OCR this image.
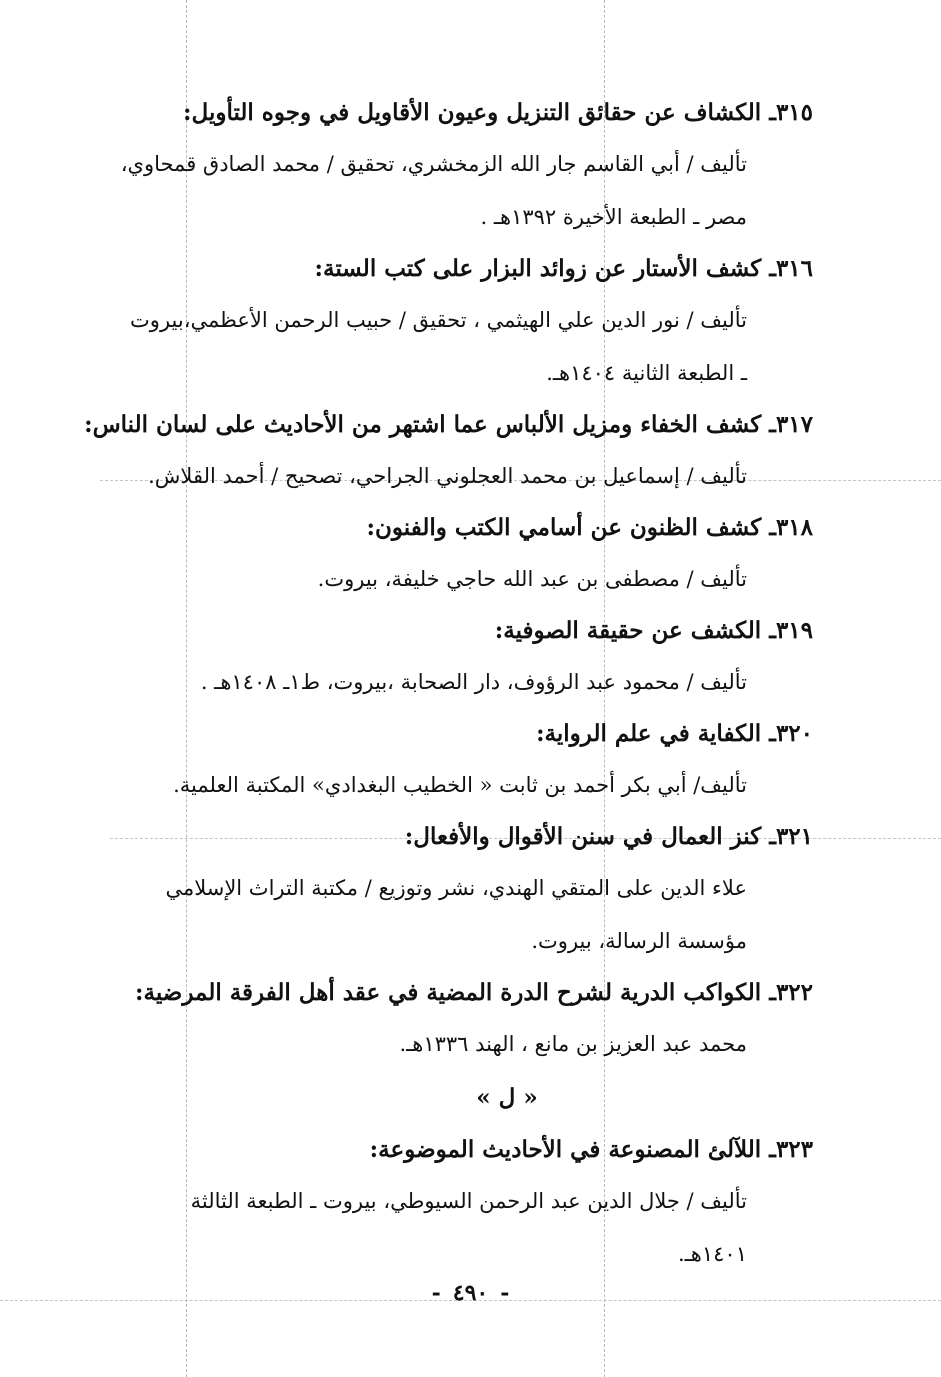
٣١٥ـ الكشاف عن حقائق التنزيل وعيون الأقاويل في وجوه التأويل:
تأليف / أبي القاسم جار الله الزمخشري، تحقيق / محمد الصادق قمحاوي،
مصر ـ الطبعة الأخيرة ١٣٩٢هـ .
٣١٦ـ كشف الأستار عن زوائد البزار على كتب الستة:
تأليف / نور الدين علي الهيثمي ، تحقيق / حبيب الرحمن الأعظمي،بيروت
ـ الطبعة الثانية ١٤٠٤هـ.
٣١٧ـ كشف الخفاء ومزيل الألباس عما اشتهر من الأحاديث على لسان الناس:
تأليف / إسماعيل بن محمد العجلوني الجراحي، تصحيح / أحمد القلاش.
٣١٨ـ كشف الظنون عن أسامي الكتب والفنون:
تأليف / مصطفى بن عبد الله حاجي خليفة، بيروت.
٣١٩ـ الكشف عن حقيقة الصوفية:
تأليف / محمود عبد الرؤوف، دار الصحابة ،بيروت، ط١ـ ١٤٠٨هـ .
٣٢٠ـ الكفاية في علم الرواية:
تأليف/ أبي بكر أحمد بن ثابت « الخطيب البغدادي» المكتبة العلمية.
٣٢١ـ كنز العمال في سنن الأقوال والأفعال:
علاء الدين على المتقي الهندي، نشر وتوزيع / مكتبة التراث الإسلامي
مؤسسة الرسالة، بيروت.
٣٢٢ـ الكواكب الدرية لشرح الدرة المضية في عقد أهل الفرقة المرضية:
محمد عبد العزيز بن مانع ، الهند ١٣٣٦هـ.
« ل »
٣٢٣ـ اللآلئ المصنوعة في الأحاديث الموضوعة:
تأليف / جلال الدين عبد الرحمن السيوطي، بيروت ـ الطبعة الثالثة
١٤٠١هـ.
-٤٩٠-
